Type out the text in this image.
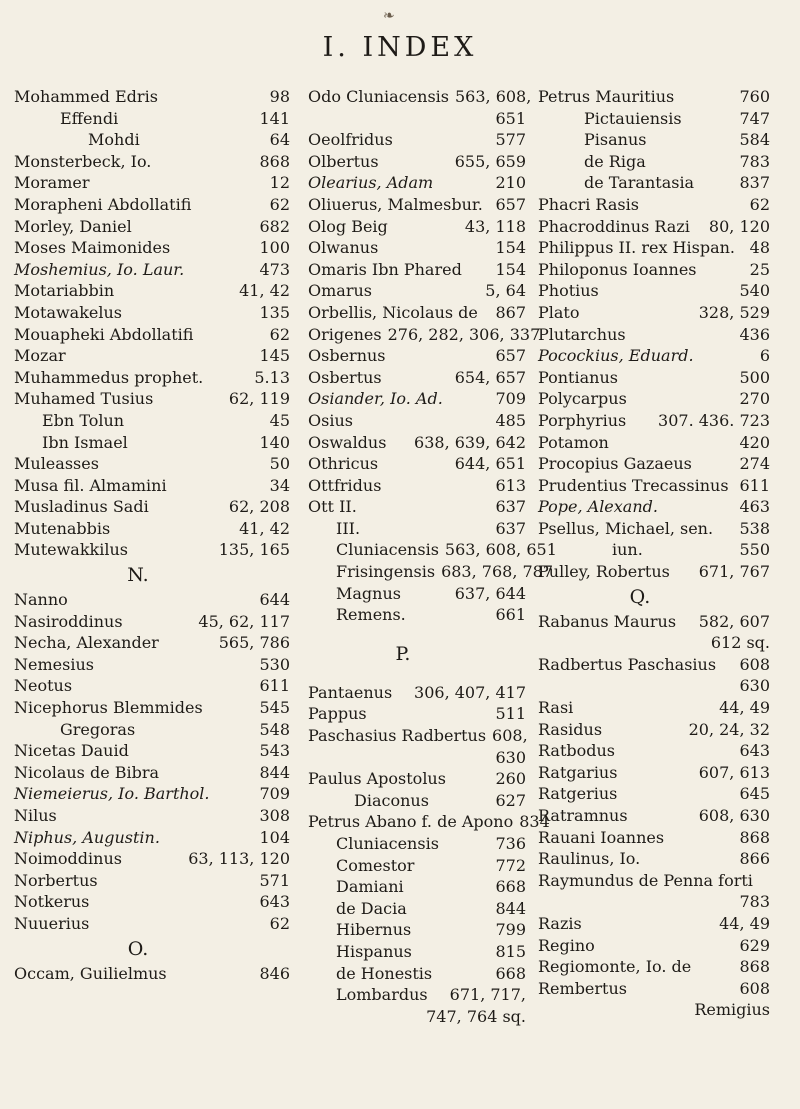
❧
I. INDEX
Mohammed Edris	98
Effendi	141
Mohdi	64
Monsterbeck, Io.	868
Moramer	12
Morapheni Abdollatifi	62
Morley, Daniel	682
Moses Maimonides	100
Moshemius, Io. Laur.	473
Motariabbin	41, 42
Motawakelus	135
Mouapheki Abdollatifi	62
Mozar	145
Muhammedus prophet.	5.13
Muhamed Tusius	62, 119
Ebn Tolun	45
Ibn Ismael	140
Muleasses	50
Musa fil. Almamini	34
Musladinus Sadi	62, 208
Mutenabbis	41, 42
Mutewakkilus	135, 165
N.
Nanno	644
Nasiroddinus	45, 62, 117
Necha, Alexander	565, 786
Nemesius	530
Neotus	611
Nicephorus Blemmides	545
Gregoras	548
Nicetas Dauid	543
Nicolaus de Bibra	844
Niemeierus, Io. Barthol.	709
Nilus	308
Niphus, Augustin.	104
Noimoddinus	63, 113, 120
Norbertus	571
Notkerus	643
Nuuerius	62
O.
Occam, Guilielmus	846
Odo Cluniacensis 563, 608,
651
Oeolfridus	577
Olbertus	655, 659
Olearius, Adam	210
Oliuerus, Malmesbur. 657
Olog Beig	43, 118
Olwanus	154
Omaris Ibn Phared	154
Omarus	5, 64
Orbellis, Nicolaus de	867
Origenes 276, 282, 306, 337
Osbernus	657
Osbertus	654, 657
Osiander, Io. Ad.	709
Osius	485
Oswaldus	638, 639, 642
Othricus	644, 651
Ottfridus	613
Ott II.	637
III.	637
Cluniacensis 563, 608, 651
Frisingensis 683, 768, 787
Magnus	637, 644
Remens.	661
P.
Pantaenus	306, 407, 417
Pappus	511
Paschasius Radbertus 608,
630
Paulus Apostolus	260
Diaconus	627
Petrus Abano f. de Apono 834
Cluniacensis	736
Comestor	772
Damiani	668
de Dacia	844
Hibernus	799
Hispanus	815
de Honestis	668
Lombardus	671, 717,
747, 764 sq.
Petrus Mauritius	760
Pictauiensis	747
Pisanus	584
de Riga	783
de Tarantasia	837
Phacri Rasis	62
Phacroddinus Razi	80, 120
Philippus II. rex Hispan. 48
Philoponus Ioannes	25
Photius	540
Plato	328, 529
Plutarchus	436
Pocockius, Eduard.	6
Pontianus	500
Polycarpus	270
Porphyrius	307. 436. 723
Potamon	420
Procopius Gazaeus	274
Prudentius Trecassinus 611
Pope, Alexand.	463
Psellus, Michael, sen.	538
iun.	550
Pulley, Robertus	671, 767
Q.
Rabanus Maurus	582, 607
612 sq.
Radbertus Paschasius	608
630
Rasi	44, 49
Rasidus	20, 24, 32
Ratbodus	643
Ratgarius	607, 613
Ratgerius	645
Ratramnus	608, 630
Rauani Ioannes	868
Raulinus, Io.	866
Raymundus de Penna forti
783
Razis	44, 49
Regino	629
Regiomonte, Io. de	868
Rembertus	608
Remigius
